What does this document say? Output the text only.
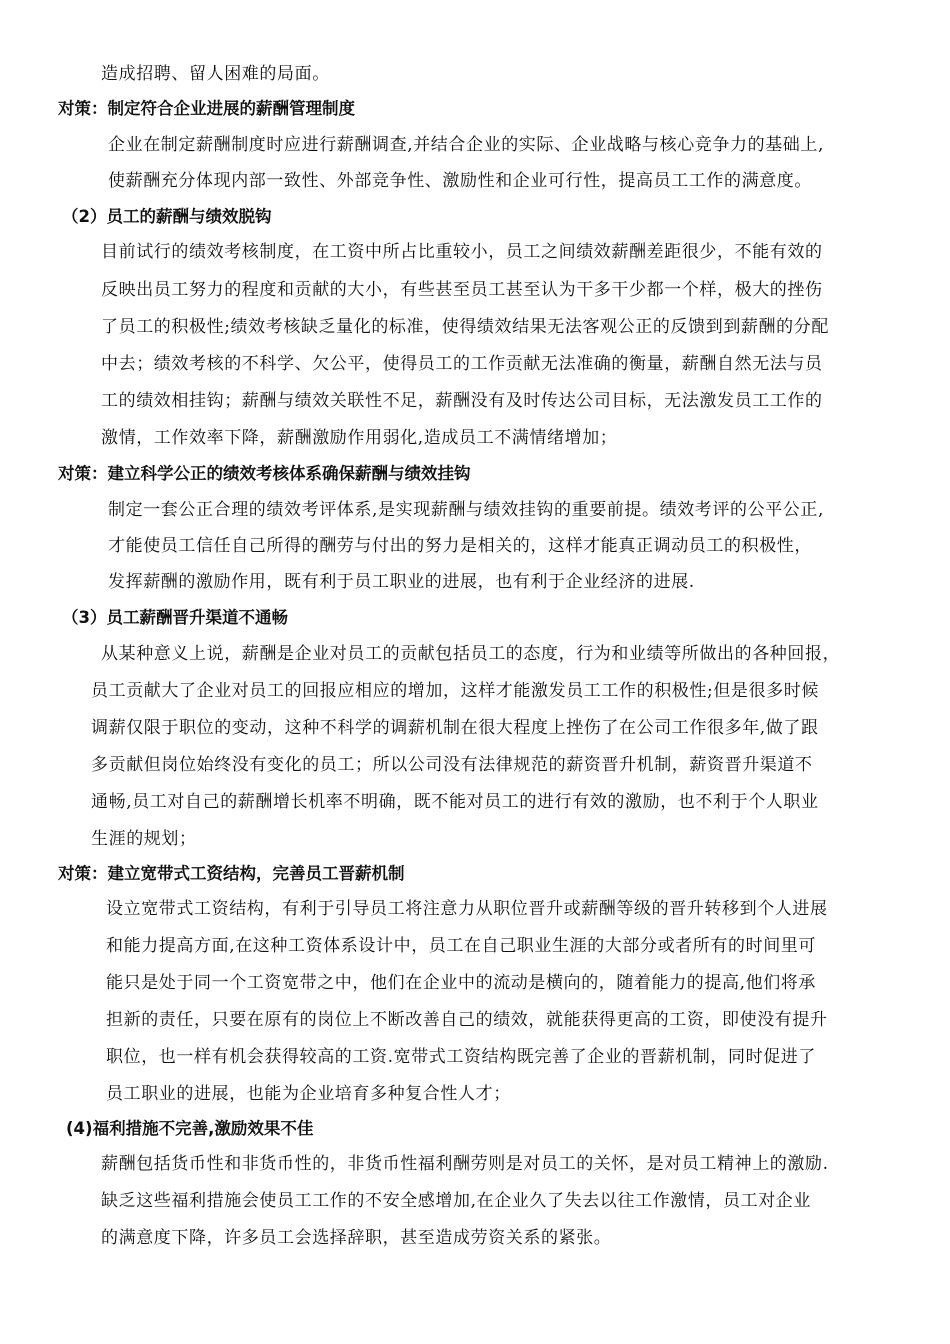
造成招聘、留人困难的局面。
对策：制定符合企业进展的薪酬管理制度
企业在制定薪酬制度时应进行薪酬调查,并结合企业的实际、企业战略与核心竞争力的基础上,
使薪酬充分体现内部一致性、外部竞争性、激励性和企业可行性，提高员工工作的满意度。
（2）员工的薪酬与绩效脱钩
目前试行的绩效考核制度，在工资中所占比重较小，员工之间绩效薪酬差距很少，不能有效的
反映出员工努力的程度和贡献的大小，有些甚至员工甚至认为干多干少都一个样，极大的挫伤
了员工的积极性;绩效考核缺乏量化的标准，使得绩效结果无法客观公正的反馈到到薪酬的分配
中去；绩效考核的不科学、欠公平，使得员工的工作贡献无法准确的衡量，薪酬自然无法与员
工的绩效相挂钩；薪酬与绩效关联性不足，薪酬没有及时传达公司目标，无法激发员工工作的
激情，工作效率下降，薪酬激励作用弱化,造成员工不满情绪增加；
对策：建立科学公正的绩效考核体系确保薪酬与绩效挂钩
制定一套公正合理的绩效考评体系,是实现薪酬与绩效挂钩的重要前提。绩效考评的公平公正,
才能使员工信任自己所得的酬劳与付出的努力是相关的，这样才能真正调动员工的积极性，
发挥薪酬的激励作用，既有利于员工职业的进展，也有利于企业经济的进展.
（3）员工薪酬晋升渠道不通畅
从某种意义上说，薪酬是企业对员工的贡献包括员工的态度，行为和业绩等所做出的各种回报，
员工贡献大了企业对员工的回报应相应的增加，这样才能激发员工工作的积极性;但是很多时候
调薪仅限于职位的变动，这种不科学的调薪机制在很大程度上挫伤了在公司工作很多年,做了跟
多贡献但岗位始终没有变化的员工；所以公司没有法律规范的薪资晋升机制，薪资晋升渠道不
通畅,员工对自己的薪酬增长机率不明确，既不能对员工的进行有效的激励，也不利于个人职业
生涯的规划；
对策：建立宽带式工资结构，完善员工晋薪机制
设立宽带式工资结构，有利于引导员工将注意力从职位晋升或薪酬等级的晋升转移到个人进展
和能力提高方面,在这种工资体系设计中，员工在自己职业生涯的大部分或者所有的时间里可
能只是处于同一个工资宽带之中，他们在企业中的流动是横向的，随着能力的提高,他们将承
担新的责任，只要在原有的岗位上不断改善自己的绩效，就能获得更高的工资，即使没有提升
职位，也一样有机会获得较高的工资.宽带式工资结构既完善了企业的晋薪机制，同时促进了
员工职业的进展，也能为企业培育多种复合性人才；
(4)福利措施不完善,激励效果不佳
薪酬包括货币性和非货币性的，非货币性福利酬劳则是对员工的关怀，是对员工精神上的激励.
缺乏这些福利措施会使员工工作的不安全感增加,在企业久了失去以往工作激情，员工对企业
的满意度下降，许多员工会选择辞职，甚至造成劳资关系的紧张。
